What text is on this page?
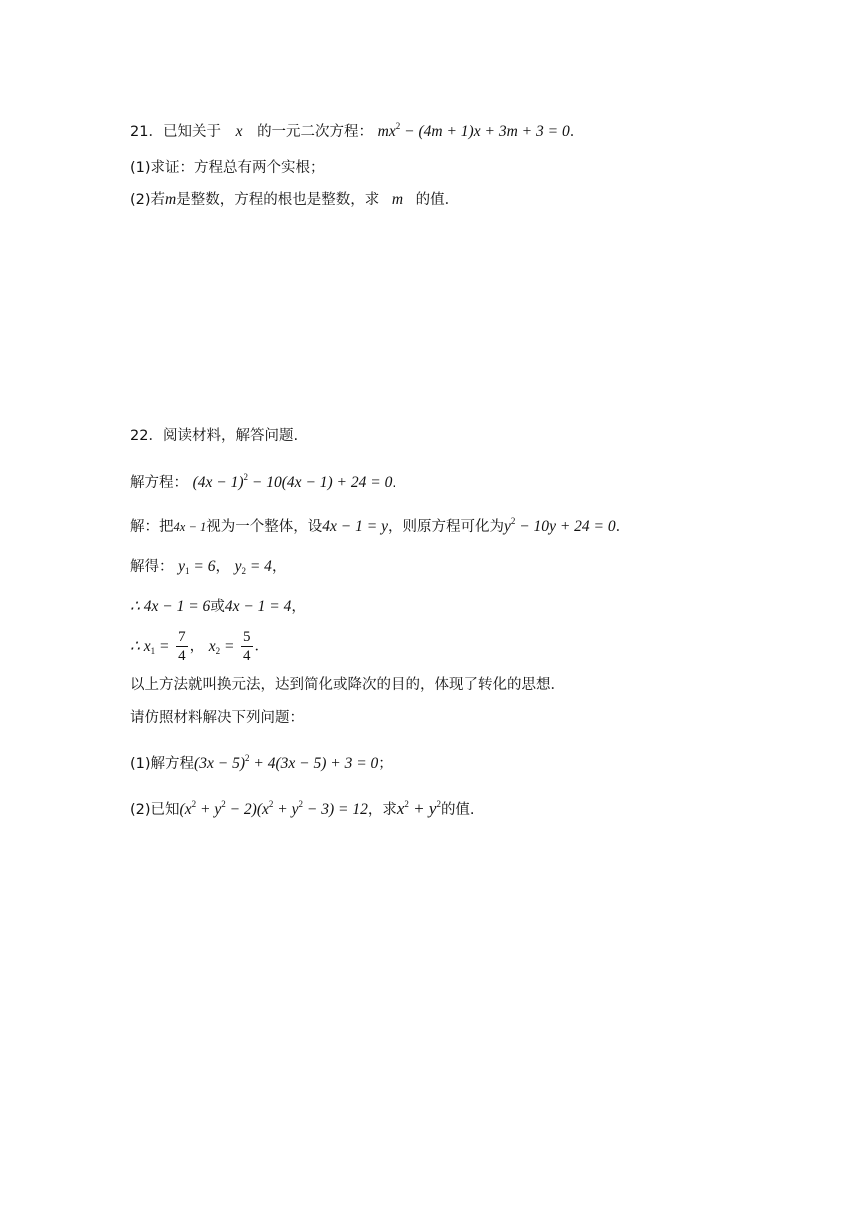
21．已知关于 x 的一元二次方程： $mx^2 - (4m + 1)x + 3m + 3 = 0$．
(1)求证：方程总有两个实根；
(2)若m是整数，方程的根也是整数，求 m 的值．
22．阅读材料，解答问题.
解方程： $(4x - 1)^2 - 10(4x - 1) + 24 = 0$.
解：把4x − 1视为一个整体，设4x − 1 = y，则原方程可化为$y^2 - 10y + 24 = 0$．
解得： $y_1 = 6$， $y_2 = 4$，
∴ 4x − 1 = 6或4x − 1 = 4，
∴ $x_1 = \frac{7}{4}$ ， $x_2 = \frac{5}{4}$ ．
以上方法就叫换元法，达到简化或降次的目的，体现了转化的思想．
请仿照材料解决下列问题：
(1)解方程$(3x - 5)^2 + 4(3x - 5) + 3 = 0$；
(2)已知$(x^2 + y^2 - 2)(x^2 + y^2 - 3) = 12$，求$x^2 + y^2$的值.
